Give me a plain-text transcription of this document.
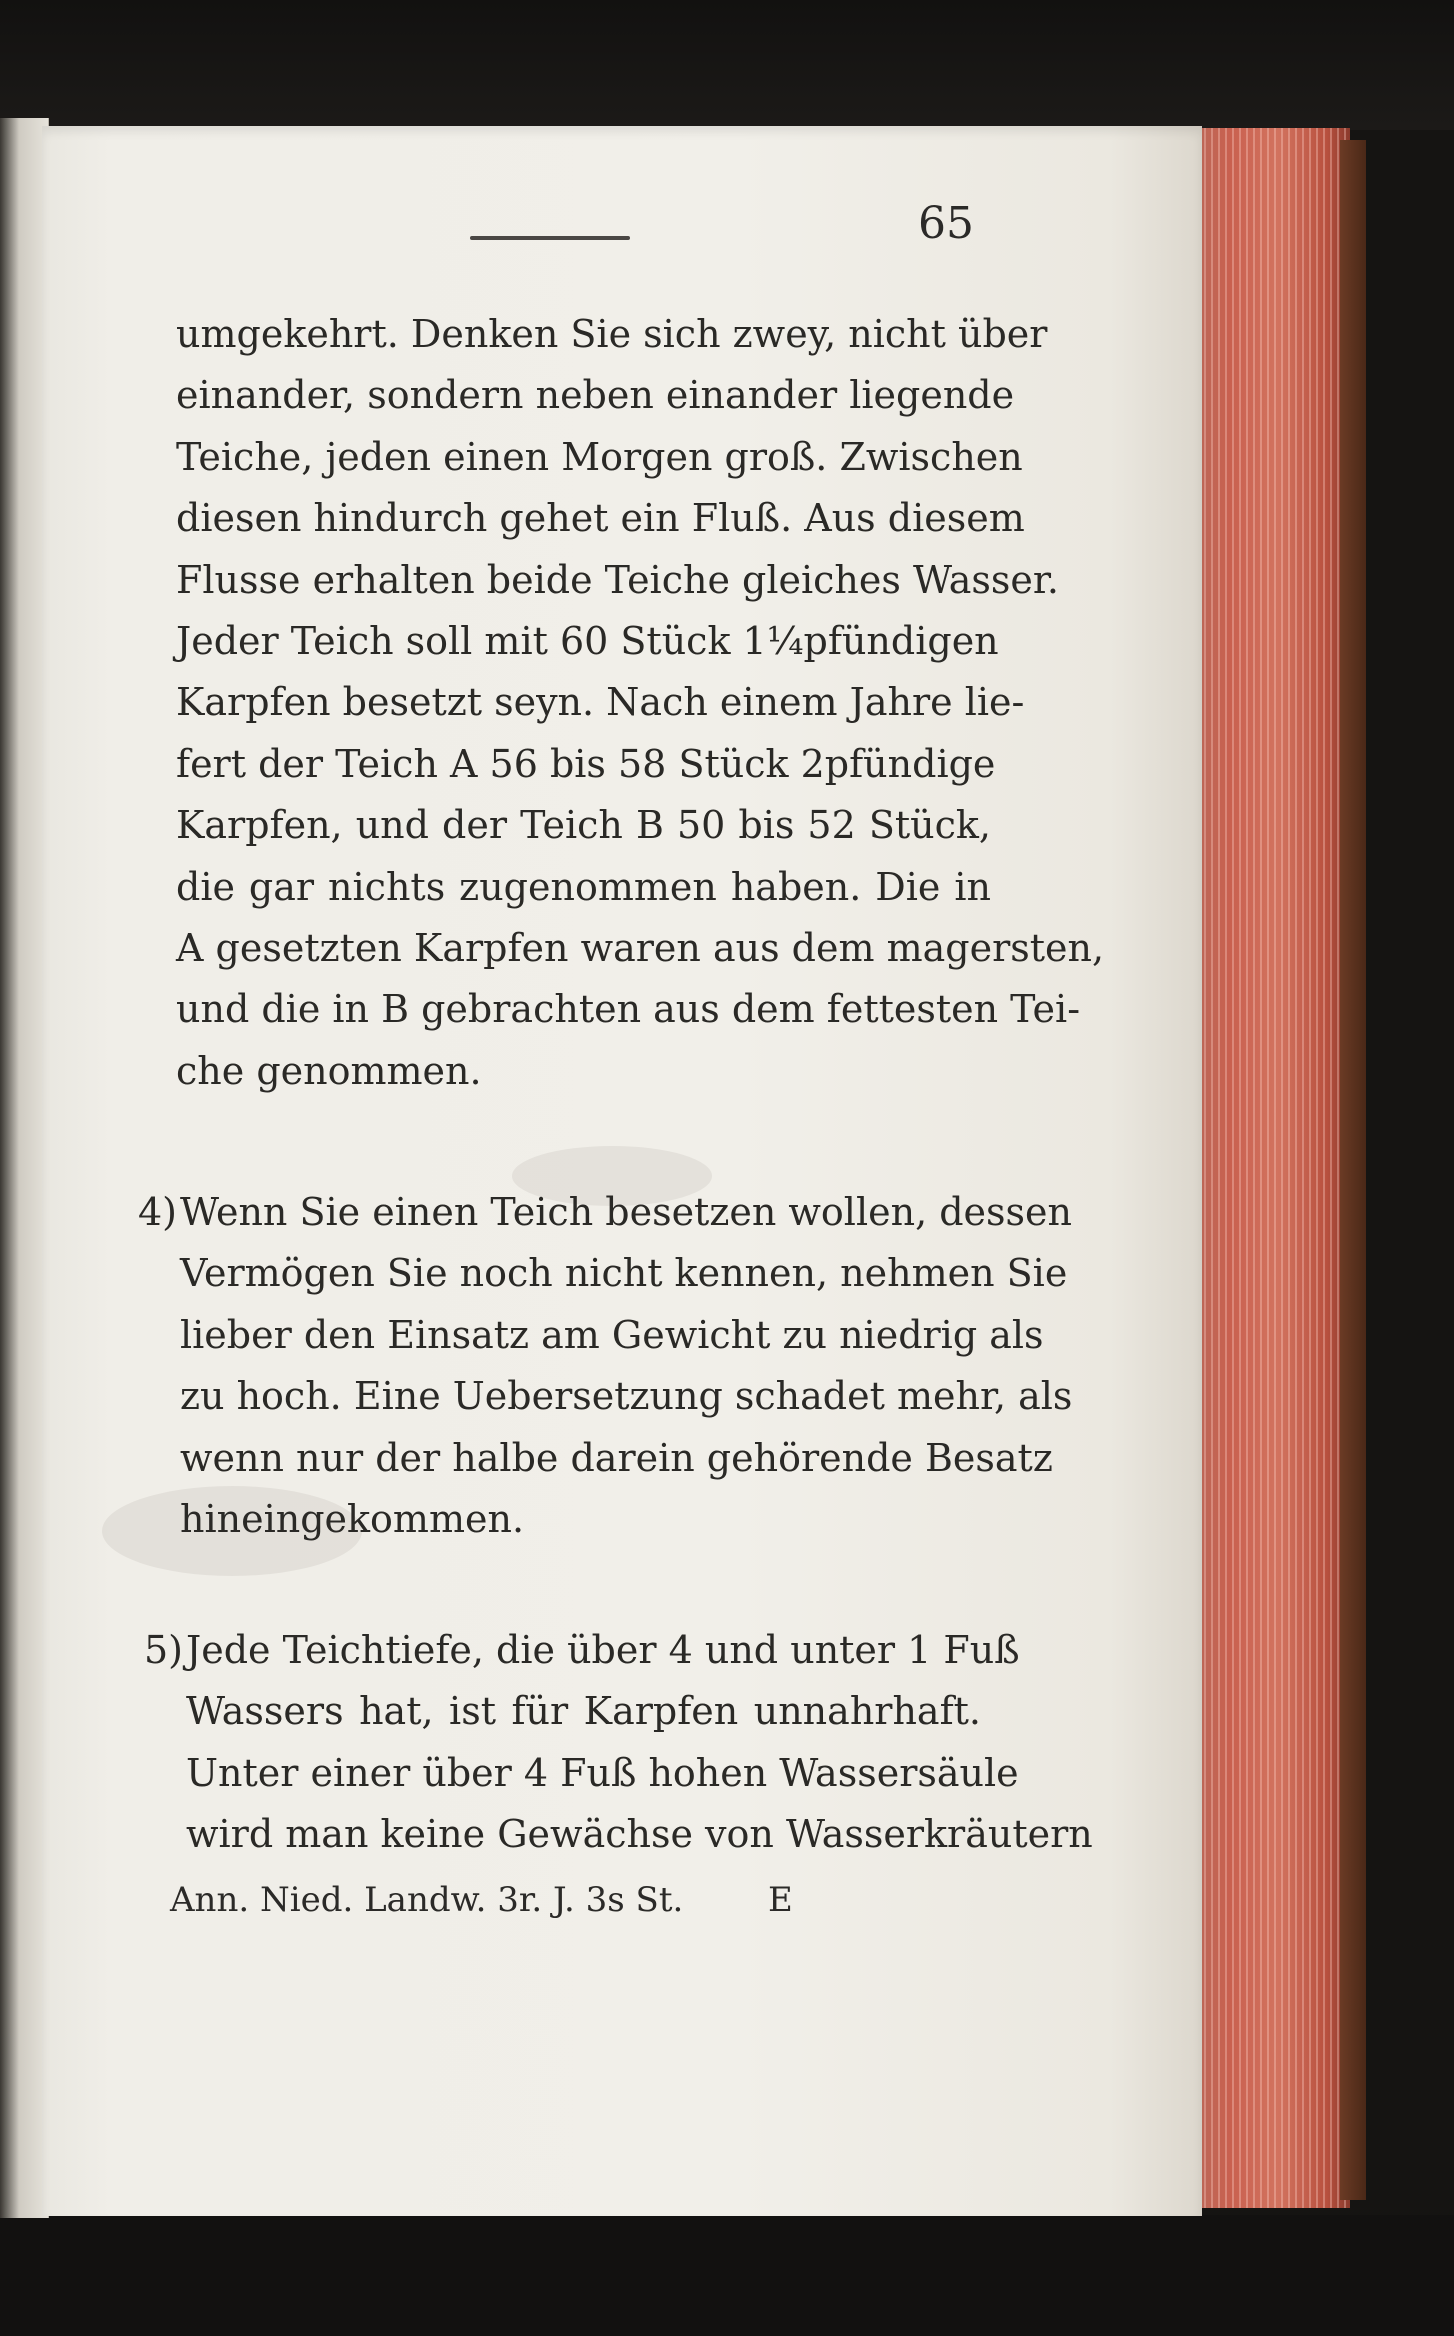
65
umgekehrt. Denken Sie sich zwey, nicht über
einander, sondern neben einander liegende
Teiche, jeden einen Morgen groß. Zwischen
diesen hindurch gehet ein Fluß. Aus diesem
Flusse erhalten beide Teiche gleiches Wasser.
Jeder Teich soll mit 60 Stück 1¼pfündigen
Karpfen besetzt seyn. Nach einem Jahre lie-
fert der Teich A 56 bis 58 Stück 2pfündige
Karpfen, und der Teich B 50 bis 52 Stück,
die gar nichts zugenommen haben. Die in
A gesetzten Karpfen waren aus dem magersten,
und die in B gebrachten aus dem fettesten Tei-
che genommen.
4) Wenn Sie einen Teich besetzen wollen, dessen
Vermögen Sie noch nicht kennen, nehmen Sie
lieber den Einsatz am Gewicht zu niedrig als
zu hoch. Eine Uebersetzung schadet mehr, als
wenn nur der halbe darein gehörende Besatz
hineingekommen.
5) Jede Teichtiefe, die über 4 und unter 1 Fuß
Wassers hat, ist für Karpfen unnahrhaft.
Unter einer über 4 Fuß hohen Wassersäule
wird man keine Gewächse von Wasserkräutern
Ann. Nied. Landw. 3r. J. 3s St. E
